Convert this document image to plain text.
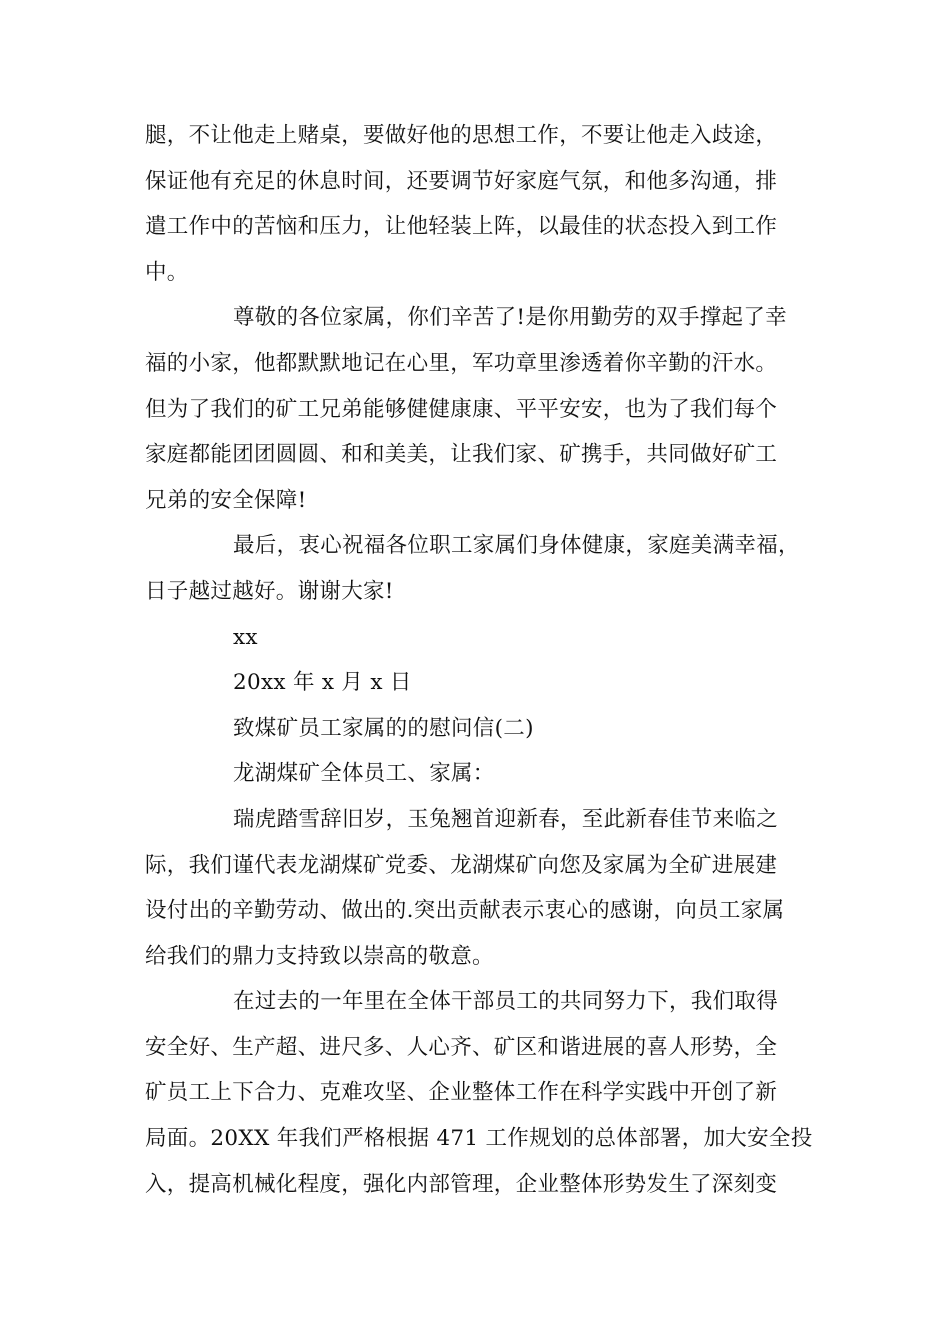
腿，不让他走上赌桌，要做好他的思想工作，不要让他走入歧途，
保证他有充足的休息时间，还要调节好家庭气氛，和他多沟通，排
遣工作中的苦恼和压力，让他轻装上阵，以最佳的状态投入到工作
中。
尊敬的各位家属，你们辛苦了!是你用勤劳的双手撑起了幸
福的小家，他都默默地记在心里，军功章里渗透着你辛勤的汗水。
但为了我们的矿工兄弟能够健健康康、平平安安，也为了我们每个
家庭都能团团圆圆、和和美美，让我们家、矿携手，共同做好矿工
兄弟的安全保障!
最后，衷心祝福各位职工家属们身体健康，家庭美满幸福，
日子越过越好。谢谢大家!
xx
20xx 年 x 月 x 日
致煤矿员工家属的的慰问信(二)
龙湖煤矿全体员工、家属：
瑞虎踏雪辞旧岁，玉兔翘首迎新春，至此新春佳节来临之
际，我们谨代表龙湖煤矿党委、龙湖煤矿向您及家属为全矿进展建
设付出的辛勤劳动、做出的.突出贡献表示衷心的感谢，向员工家属
给我们的鼎力支持致以崇高的敬意。
在过去的一年里在全体干部员工的共同努力下，我们取得
安全好、生产超、进尺多、人心齐、矿区和谐进展的喜人形势，全
矿员工上下合力、克难攻坚、企业整体工作在科学实践中开创了新
局面。20XX 年我们严格根据 471 工作规划的总体部署，加大安全投
入，提高机械化程度，强化内部管理，企业整体形势发生了深刻变
